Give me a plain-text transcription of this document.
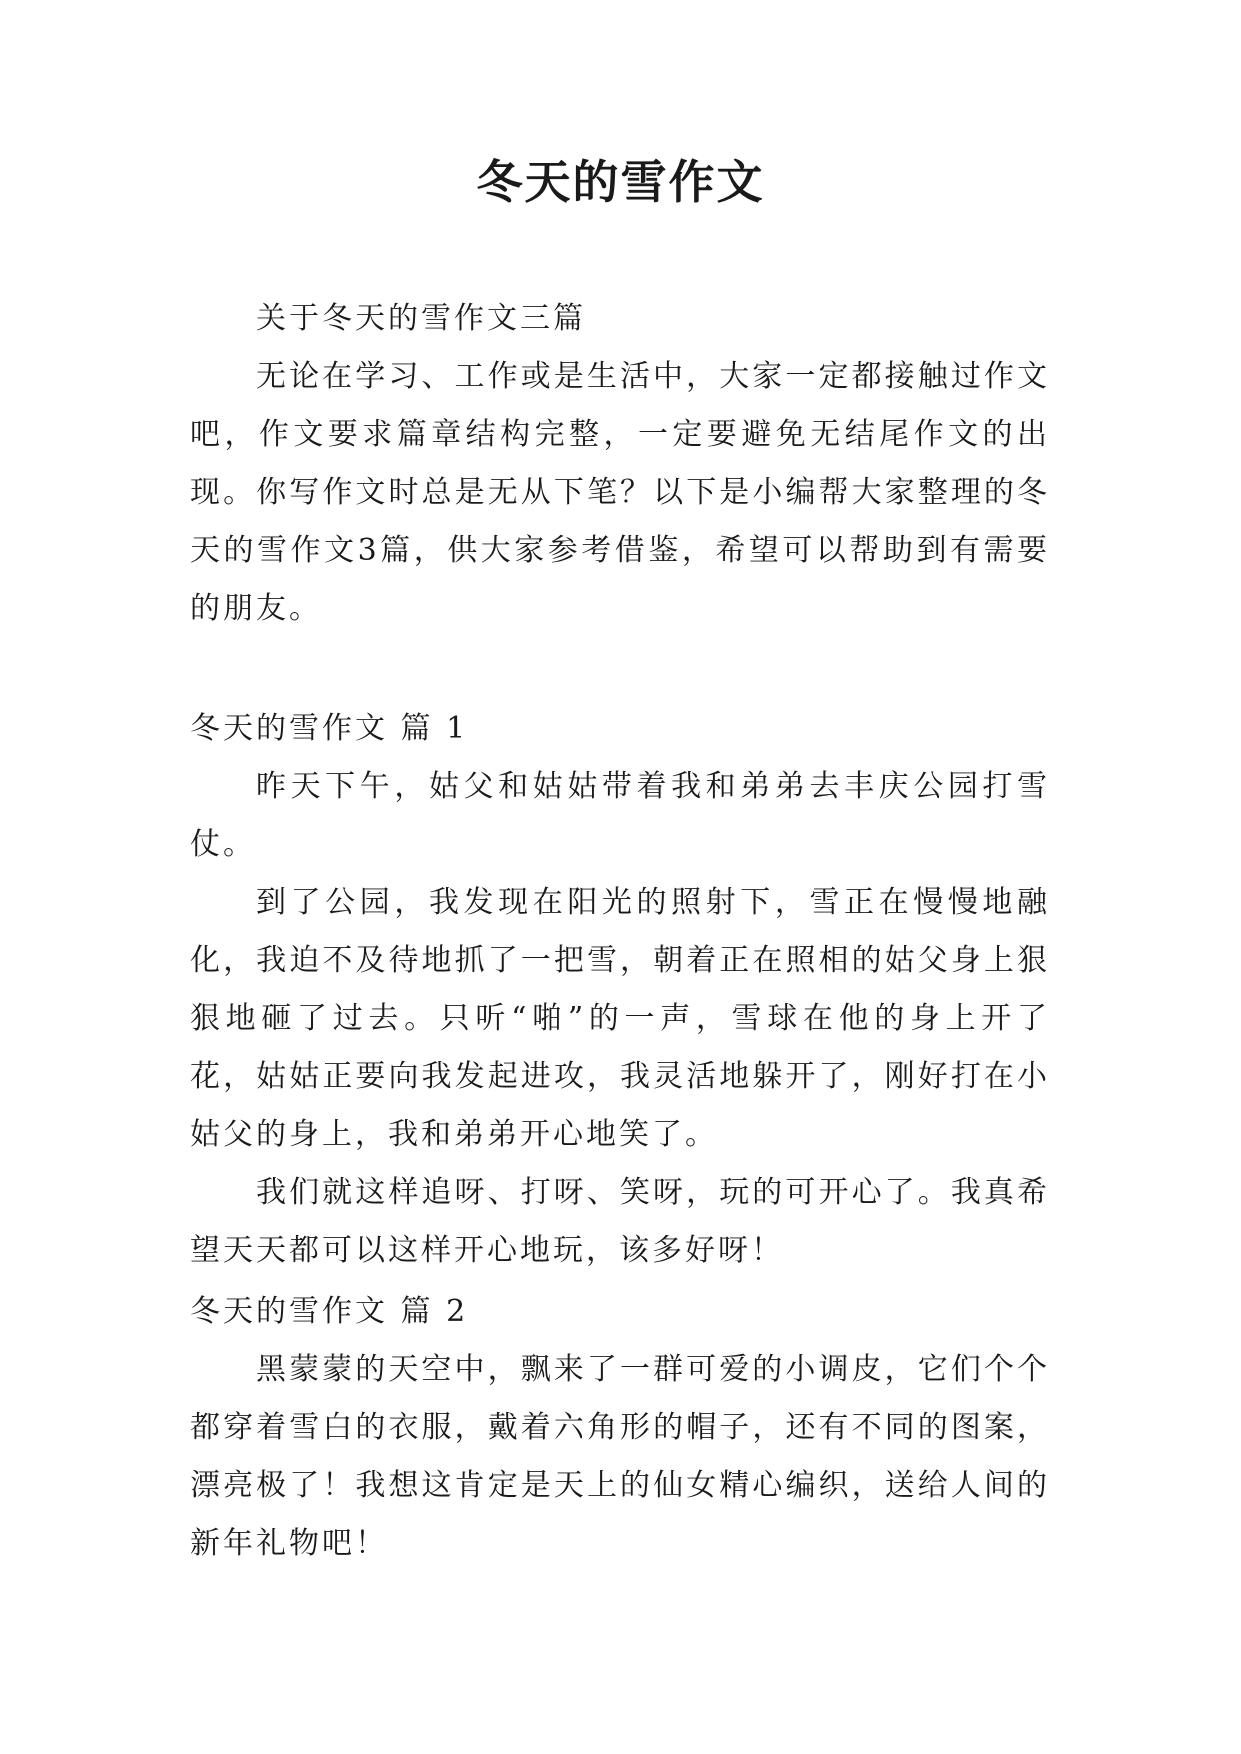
冬天的雪作文

关于冬天的雪作文三篇

无论在学习、工作或是生活中，大家一定都接触过作文吧，作文要求篇章结构完整，一定要避免无结尾作文的出现。你写作文时总是无从下笔？以下是小编帮大家整理的冬天的雪作文3篇，供大家参考借鉴，希望可以帮助到有需要的朋友。

冬天的雪作文 篇 1

昨天下午，姑父和姑姑带着我和弟弟去丰庆公园打雪仗。

到了公园，我发现在阳光的照射下，雪正在慢慢地融化，我迫不及待地抓了一把雪，朝着正在照相的姑父身上狠狠地砸了过去。只听“啪”的一声，雪球在他的身上开了花，姑姑正要向我发起进攻，我灵活地躲开了，刚好打在小姑父的身上，我和弟弟开心地笑了。

我们就这样追呀、打呀、笑呀，玩的可开心了。我真希望天天都可以这样开心地玩，该多好呀！

冬天的雪作文 篇 2

黑蒙蒙的天空中，飘来了一群可爱的小调皮，它们个个都穿着雪白的衣服，戴着六角形的帽子，还有不同的图案，漂亮极了！我想这肯定是天上的仙女精心编织，送给人间的新年礼物吧！
